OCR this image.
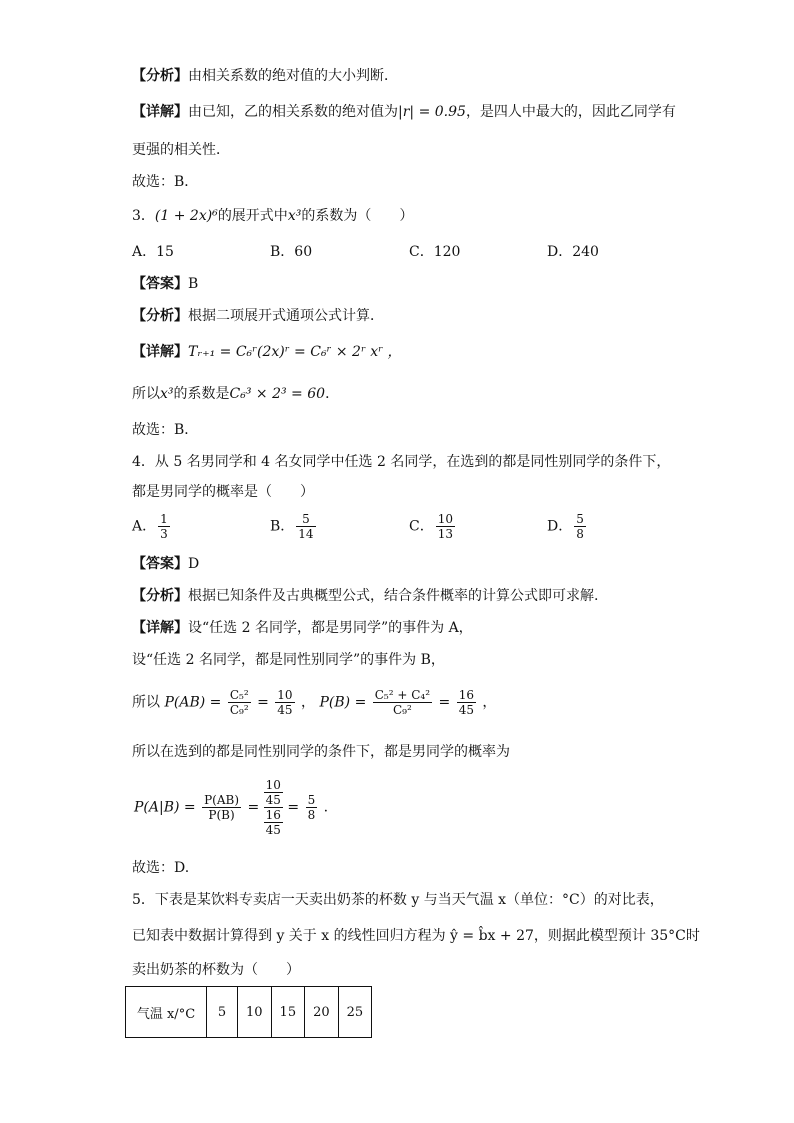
【分析】由相关系数的绝对值的大小判断．
【详解】由已知，乙的相关系数的绝对值为|r| = 0.95，是四人中最大的，因此乙同学有
更强的相关性．
故选：B．
3．(1 + 2x)⁶的展开式中x³的系数为（　　）
A．15	B．60	C．120	D．240
【答案】B
【分析】根据二项展开式通项公式计算．
【详解】Tᵣ₊₁ = C₆ʳ(2x)ʳ = C₆ʳ × 2ʳ xʳ ，
所以x³的系数是C₆³ × 2³ = 60．
故选：B．
4．从 5 名男同学和 4 名女同学中任选 2 名同学，在选到的都是同性别同学的条件下，
都是男同学的概率是（　　）
A． $\frac{1}{3}$	B． $\frac{5}{14}$	C． $\frac{10}{13}$	D． $\frac{5}{8}$
【答案】D
【分析】根据已知条件及古典概型公式，结合条件概率的计算公式即可求解.
【详解】设“任选 2 名同学，都是男同学”的事件为 A，
设“任选 2 名同学，都是同性别同学”的事件为 B，
所以 $P(AB) = \frac{\text{C₅²}}{\text{C₉²}} = \frac{10}{45}$ ， $P(B) = \frac{\text{C₅² + C₄²}}{\text{C₉²}} = \frac{16}{45}$ ，
所以在选到的都是同性别同学的条件下，都是男同学的概率为
$P(A|B) = \frac{P(AB)}{P(B)} = \frac{\frac{10}{45}}{\frac{16}{45}} = \frac{5}{8}$ .
故选：D.
5．下表是某饮料专卖店一天卖出奶茶的杯数 y 与当天气温 x（单位：°C）的对比表，
已知表中数据计算得到 y 关于 x 的线性回归方程为 ŷ = b̂x + 27，则据此模型预计 35°C时
卖出奶茶的杯数为（　　）
气温 x/°C	5	10	15	20	25
